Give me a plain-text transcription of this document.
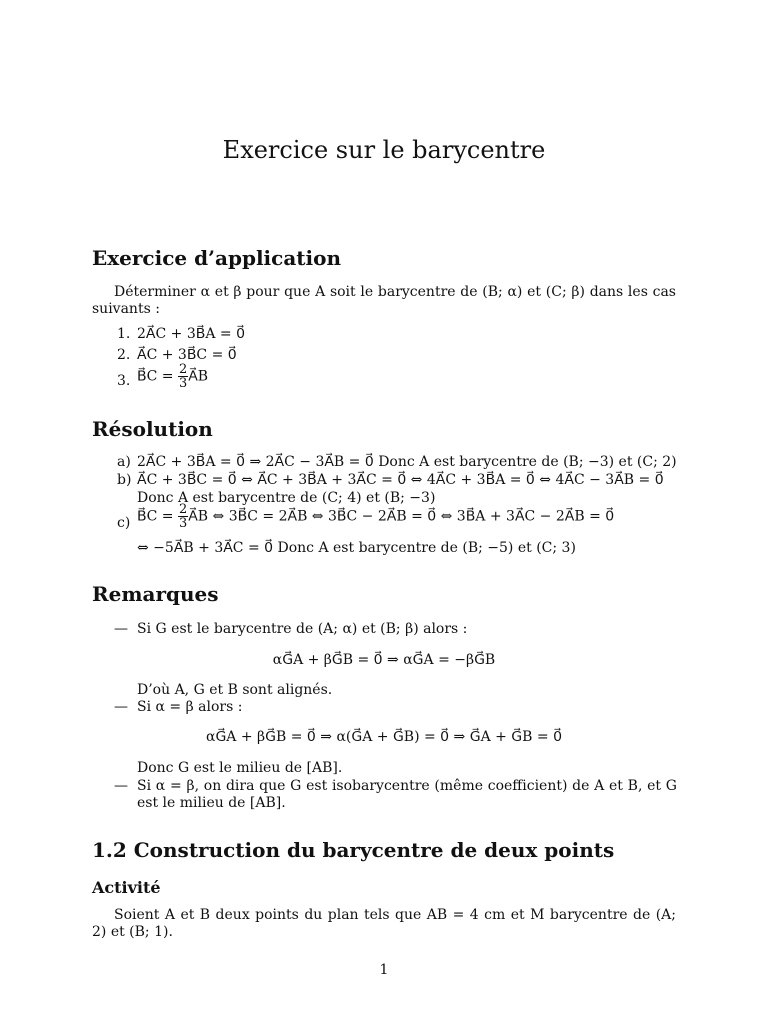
Exercice sur le barycentre
Exercice d’application

Déterminer α et β pour que A soit le barycentre de (B; α) et (C; β) dans les cas suivants :

1. 2A⃗C + 3B⃗A = 0⃗
2. A⃗C + 3B⃗C = 0⃗
3. B⃗C = $\frac{2}{3}$ A⃗B
Résolution
a) 2A⃗C + 3B⃗A = 0⃗ ⇒ 2A⃗C − 3A⃗B = 0⃗ Donc A est barycentre de (B; −3) et (C; 2)
b) A⃗C + 3B⃗C = 0⃗ ⇔ A⃗C + 3B⃗A + 3A⃗C = 0⃗ ⇔ 4A⃗C + 3B⃗A = 0⃗ ⇔ 4A⃗C − 3A⃗B = 0⃗
Donc A est barycentre de (C; 4) et (B; −3)
c) B⃗C = $\frac{2}{3}$ A⃗B ⇔ 3B⃗C = 2A⃗B ⇔ 3B⃗C − 2A⃗B = 0⃗ ⇔ 3B⃗A + 3A⃗C − 2A⃗B = 0⃗
⇔ −5A⃗B + 3A⃗C = 0⃗ Donc A est barycentre de (B; −5) et (C; 3)
Remarques
— Si G est le barycentre de (A; α) et (B; β) alors :
αG⃗A + βG⃗B = 0⃗ ⇒ αG⃗A = −βG⃗B
D’où A, G et B sont alignés.
— Si α = β alors :
αG⃗A + βG⃗B = 0⃗ ⇒ α(G⃗A + G⃗B) = 0⃗ ⇒ G⃗A + G⃗B = 0⃗
Donc G est le milieu de [AB].
— Si α = β, on dira que G est isobarycentre (même coefficient) de A et B, et G est le milieu de [AB].

1.2 Construction du barycentre de deux points
Activité

Soient A et B deux points du plan tels que AB = 4 cm et M barycentre de (A; 2) et (B; 1).

1
